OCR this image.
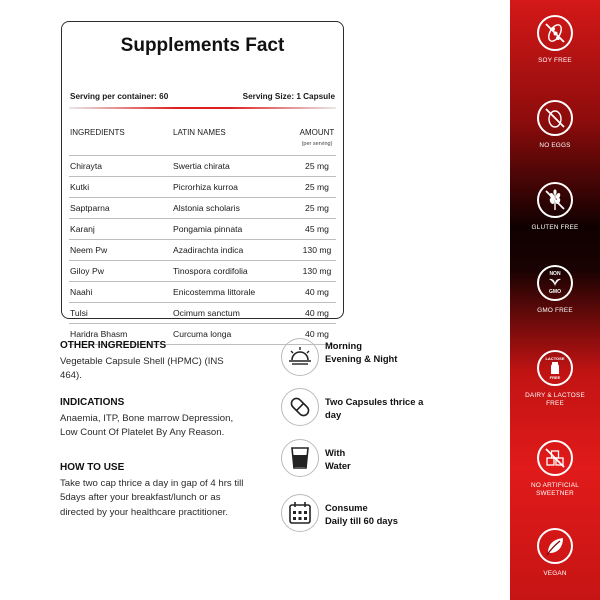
Supplements Fact
Serving per container: 60	Serving Size: 1 Capsule
INGREDIENTS	LATIN NAMES	AMOUNT
(per serving)
Chirayta	Swertia chirata	25 mg
Kutki	Picrorhiza kurroa	25 mg
Saptparna	Alstonia scholaris	25 mg
Karanj	Pongamia pinnata	45 mg
Neem Pw	Azadirachta indica	130 mg
Giloy Pw	Tinospora cordifolia	130 mg
Naahi	Enicostemma littorale	40 mg
Tulsi	Ocimum sanctum	40 mg
Haridra Bhasm	Curcuma longa	40 mg
OTHER INGREDIENTS

Vegetable Capsule Shell (HPMC) (INS 464).

INDICATIONS

Anaemia, ITP, Bone marrow Depression, Low Count Of Platelet By Any Reason.

HOW TO USE

Take two cap thrice a day in gap of 4 hrs till 5days after your breakfast/lunch or as directed by your healthcare practitioner.

Morning
Evening & Night
Two Capsules thrice a
day
With
Water
Consume
Daily till 60 days
SOY FREE
NO EGGS
GLUTEN FREE
NON
GMO
GMO FREE
LACTOSE
FREE
DAIRY & LACTOSE FREE
NO ARTIFICIAL SWEETNER
VEGAN
